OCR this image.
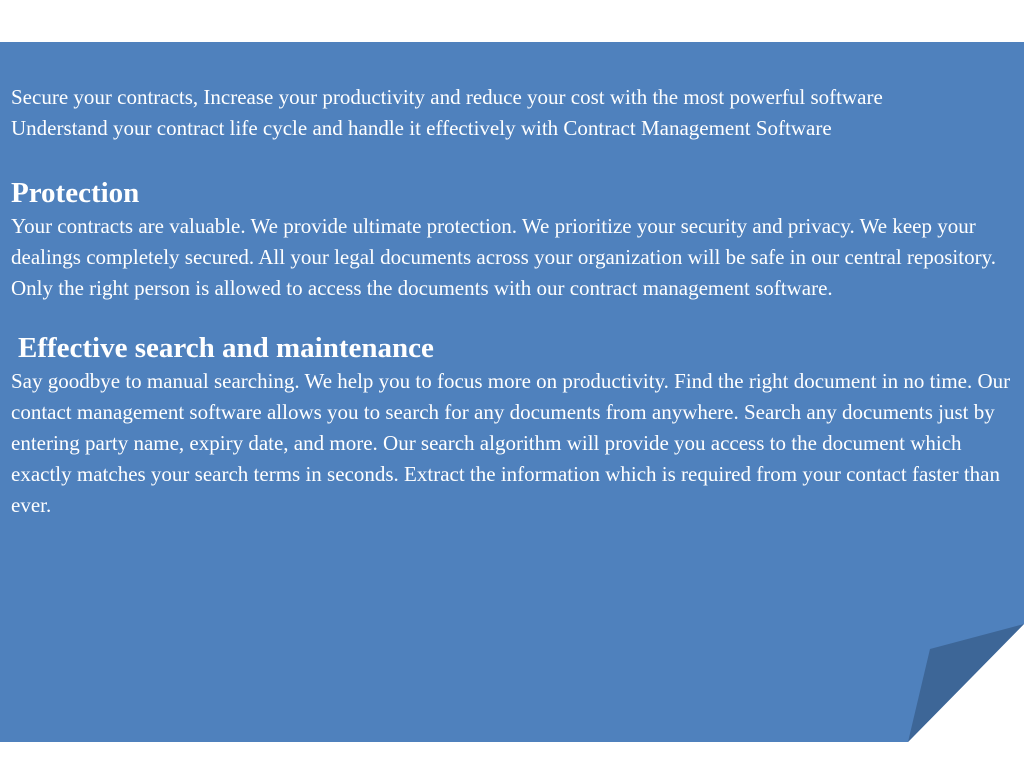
Secure your contracts, Increase your productivity and reduce your cost with the most powerful software

Understand your contract life cycle and handle it effectively with Contract Management Software

Protection

Your contracts are valuable. We provide ultimate protection. We prioritize your security and privacy. We keep your dealings completely secured. All your legal documents across your organization will be safe in our central repository. Only the right person is allowed to access the documents with our contract management software.

Effective search and maintenance

Say goodbye to manual searching. We help you to focus more on productivity. Find the right document in no time. Our contact management software allows you to search for any documents from anywhere. Search any documents just by entering party name, expiry date, and more. Our search algorithm will provide you access to the document which exactly matches your search terms in seconds. Extract the information which is required from your contact faster than ever.
